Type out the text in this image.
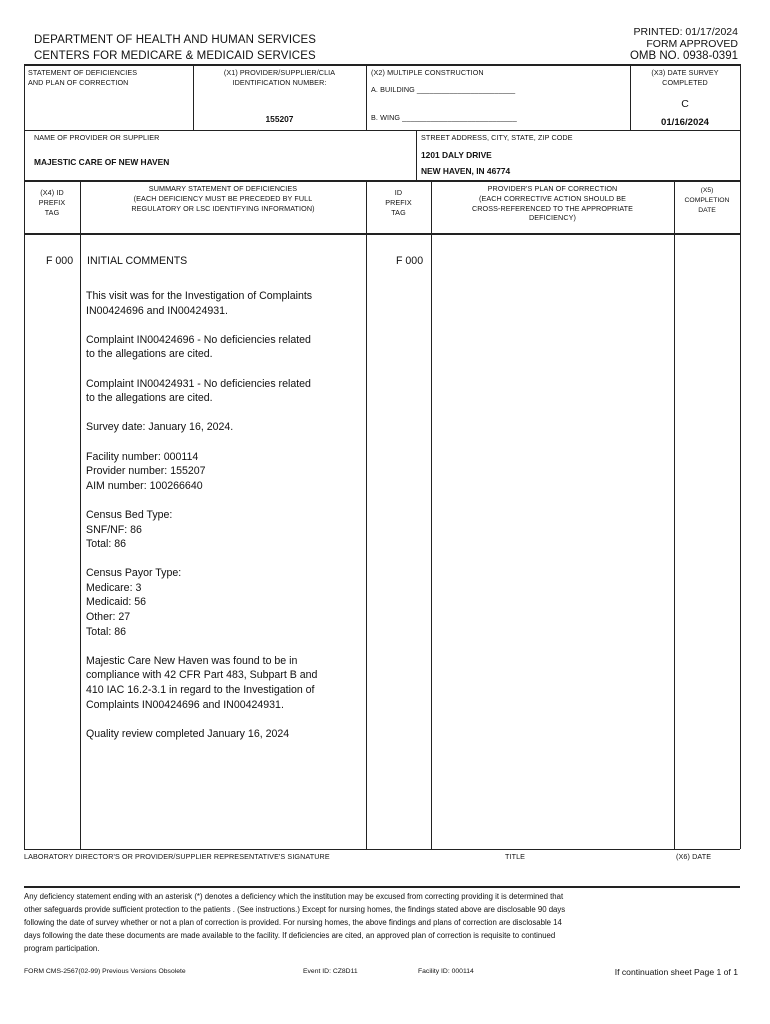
DEPARTMENT OF HEALTH AND HUMAN SERVICES
CENTERS FOR MEDICARE & MEDICAID SERVICES
PRINTED: 01/17/2024
FORM APPROVED
OMB NO. 0938-0391
STATEMENT OF DEFICIENCIES
AND PLAN OF CORRECTION
(X1) PROVIDER/SUPPLIER/CLIA
IDENTIFICATION NUMBER:
155207
(X2) MULTIPLE CONSTRUCTION
A. BUILDING ________________________
B. WING ____________________________
(X3) DATE SURVEY
COMPLETED
C
01/16/2024
NAME OF PROVIDER OR SUPPLIER
MAJESTIC CARE OF NEW HAVEN
STREET ADDRESS, CITY, STATE, ZIP CODE
1201 DALY DRIVE
NEW HAVEN, IN 46774
(X4) ID
PREFIX
TAG
SUMMARY STATEMENT OF DEFICIENCIES
(EACH DEFICIENCY MUST BE PRECEDED BY FULL
REGULATORY OR LSC IDENTIFYING INFORMATION)
ID
PREFIX
TAG
PROVIDER'S PLAN OF CORRECTION
(EACH CORRECTIVE ACTION SHOULD BE
CROSS-REFERENCED TO THE APPROPRIATE
DEFICIENCY)
(X5)
COMPLETION
DATE
F 000 INITIAL COMMENTS	F 000
This visit was for the Investigation of Complaints
IN00424696 and IN00424931.
Complaint IN00424696 - No deficiencies related
to the allegations are cited.
Complaint IN00424931 - No deficiencies related
to the allegations are cited.
Survey date: January 16, 2024.
Facility number: 000114
Provider number: 155207
AIM number: 100266640
Census Bed Type:
SNF/NF: 86
Total: 86
Census Payor Type:
Medicare: 3
Medicaid: 56
Other: 27
Total: 86
Majestic Care New Haven was found to be in
compliance with 42 CFR Part 483, Subpart B and
410 IAC 16.2-3.1 in regard to the Investigation of
Complaints IN00424696 and IN00424931.
Quality review completed January 16, 2024
LABORATORY DIRECTOR'S OR PROVIDER/SUPPLIER REPRESENTATIVE'S SIGNATURE	TITLE	(X6) DATE
Any deficiency statement ending with an asterisk (*) denotes a deficiency which the institution may be excused from correcting providing it is determined that
other safeguards provide sufficient protection to the patients . (See instructions.) Except for nursing homes, the findings stated above are disclosable 90 days
following the date of survey whether or not a plan of correction is provided. For nursing homes, the above findings and plans of correction are disclosable 14
days following the date these documents are made available to the facility. If deficiencies are cited, an approved plan of correction is requisite to continued
program participation.
FORM CMS-2567(02-99) Previous Versions Obsolete	Event ID: CZ8D11	Facility ID: 000114	If continuation sheet Page 1 of 1
